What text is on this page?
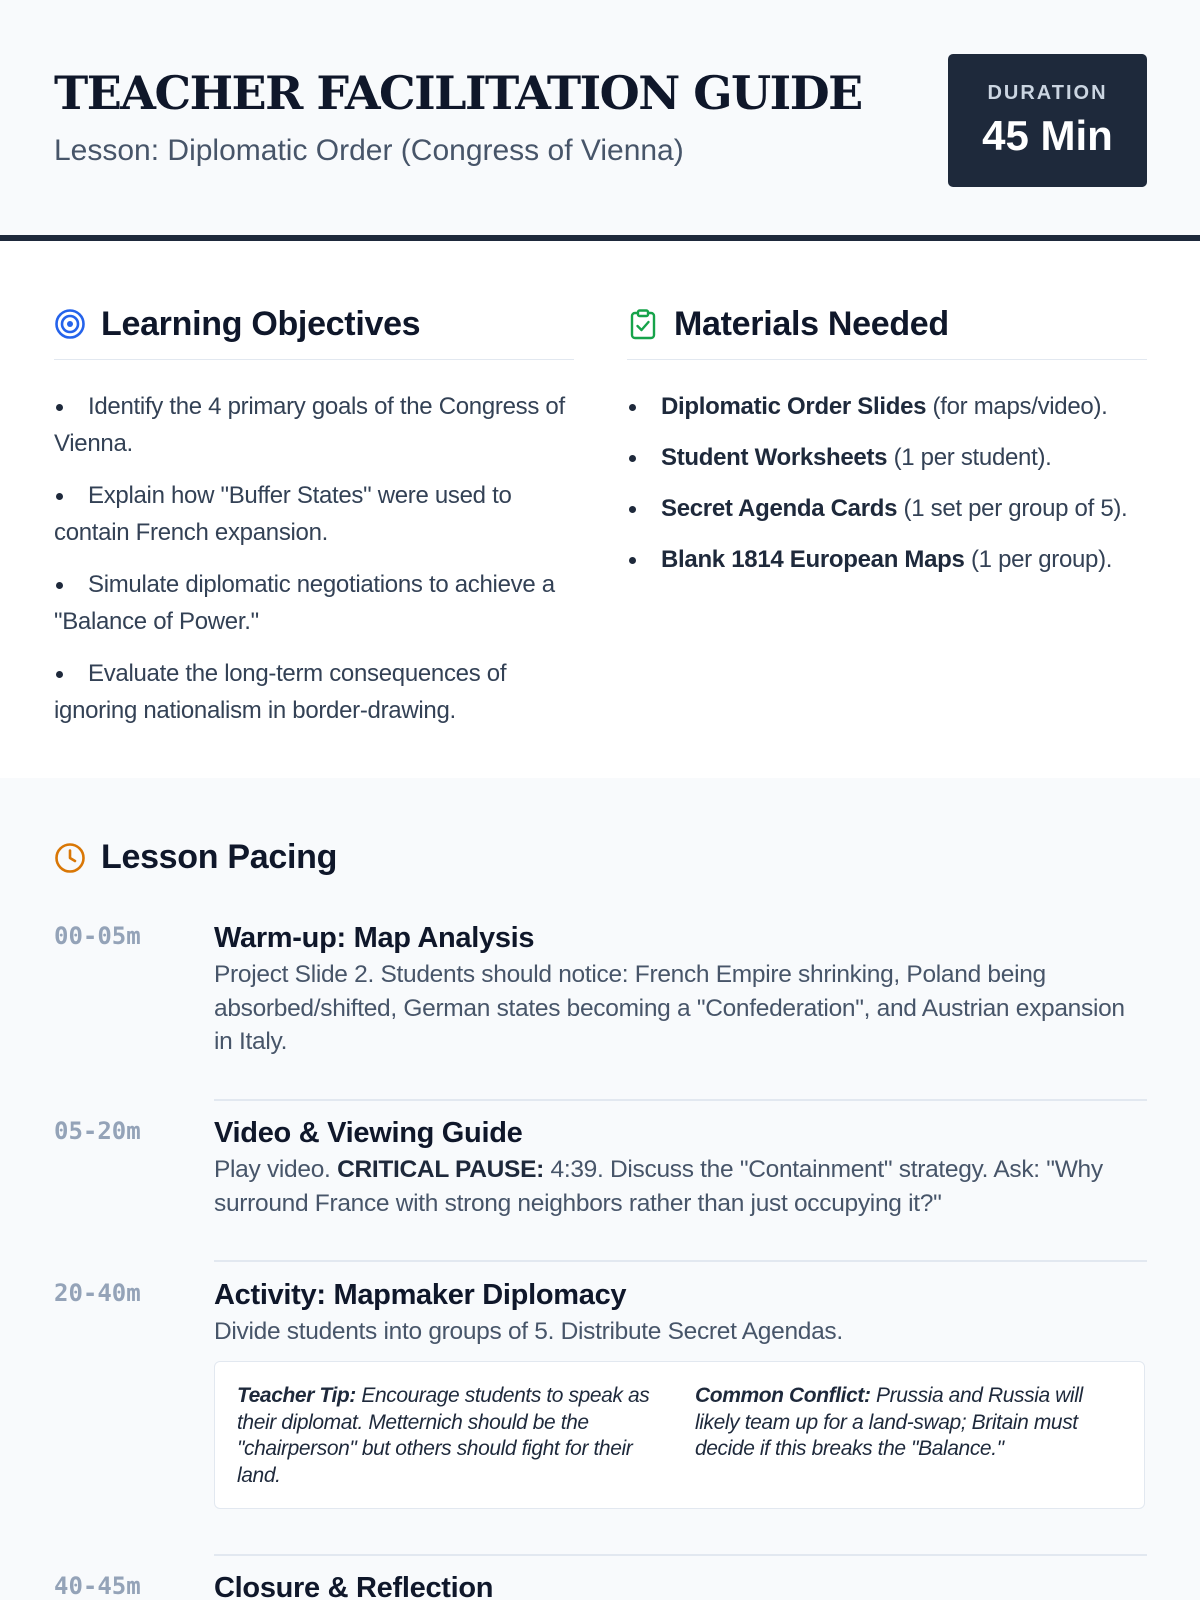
TEACHER FACILITATION GUIDE
Lesson: Diplomatic Order (Congress of Vienna)
DURATION
45 Min
Learning Objectives
Identify the 4 primary goals of the Congress of Vienna.
Explain how "Buffer States" were used to contain French expansion.
Simulate diplomatic negotiations to achieve a "Balance of Power."
Evaluate the long-term consequences of ignoring nationalism in border-drawing.
Materials Needed
Diplomatic Order Slides (for maps/video).
Student Worksheets (1 per student).
Secret Agenda Cards (1 set per group of 5).
Blank 1814 European Maps (1 per group).
Lesson Pacing
00-05m	Warm-up: Map Analysis
Project Slide 2. Students should notice: French Empire shrinking, Poland being absorbed/shifted, German states becoming a "Confederation", and Austrian expansion in Italy.
05-20m	Video & Viewing Guide
Play video. CRITICAL PAUSE: 4:39. Discuss the "Containment" strategy. Ask: "Why surround France with strong neighbors rather than just occupying it?"
20-40m	Activity: Mapmaker Diplomacy
Divide students into groups of 5. Distribute Secret Agendas.
Teacher Tip: Encourage students to speak as their diplomat. Metternich should be the "chairperson" but others should fight for their land.
Common Conflict: Prussia and Russia will likely team up for a land-swap; Britain must decide if this breaks the "Balance."
40-45m	Closure & Reflection
